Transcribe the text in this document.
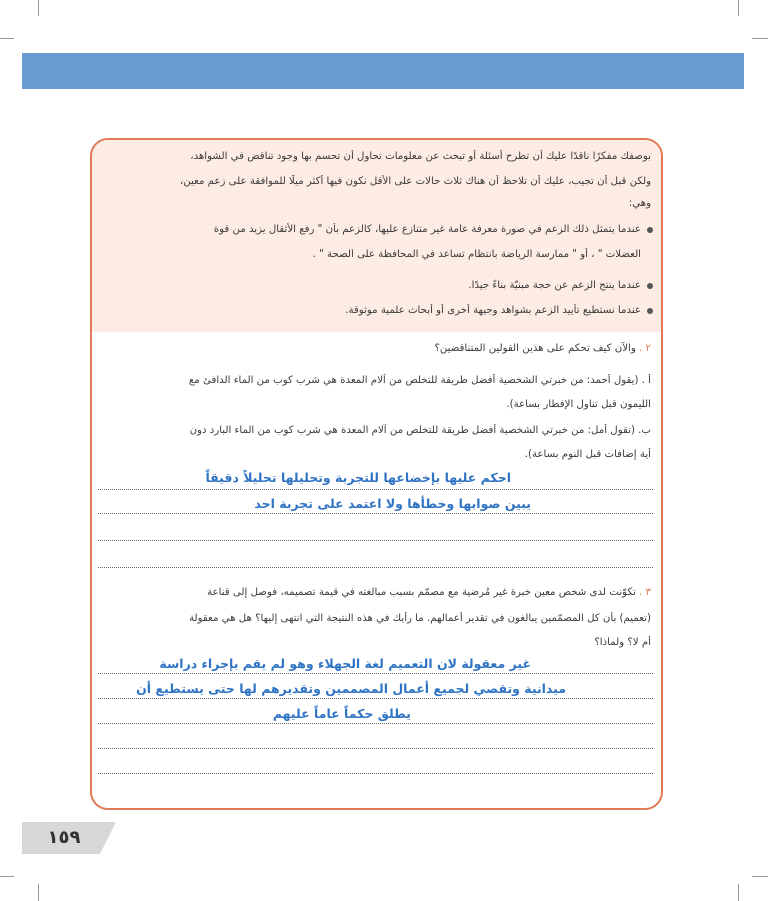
بوصفك مفكرًا ناقدًا عليك أن تطرح أسئلة أو تبحث عن معلومات تحاول أن تحسم بها وجود تناقض في الشواهد،
ولكن قبل أن تجيب، عليك أن تلاحظ أن هناك ثلاث حالات على الأقل نكون فيها أكثر ميلًا للموافقة على زعم معين،
وهي:
عندما يتمثل ذلك الزعم في صورة معرفة عامة غير متنازع عليها، كالزعم بأن " رفع الأثقال يزيد من قوة
العضلات " ، أو " ممارسة الرياضة بانتظام تساعد في المحافظة على الصحة " .
عندما ينتج الزعم عن حجة مبنيّة بناءً جيدًا.
عندما نستطيع تأييد الزعم بشواهد وجيهة أخرى أو أبحاث علمية موثوقة.
٢ . والآن كيف تحكم على هذين القولين المتناقضين؟
أ . (يقول أحمد: من خبرتي الشخصية أفضل طريقة للتخلص من آلام المعدة هي شرب كوب من الماء الدافئ مع
الليمون قبل تناول الإفطار بساعة).
ب. (تقول أمل: من خبرتي الشخصية أفضل طريقة للتخلص من آلام المعدة هي شرب كوب من الماء البارد دون
أية إضافات قبل النوم بساعة).
احكم عليها بإخضاعها للتجربة وتحليلها تحليلاً دقيقاً
يبين صوابها وخطأها ولا اعتمد على تجربة احد
٣ . تكوّنت لدى شخص معين خبرة غير مُرضية مع مصمّم بسبب مبالغته في قيمة تصميمه، فوصل إلى قناعة
(تعميم) بأن كل المصمّمين يبالغون في تقدير أعمالهم. ما رأيك في هذه النتيجة التي انتهى إليها؟ هل هي معقولة
أم لا؟ ولماذا؟
غير معقولة لان التعميم لغة الجهلاء وهو لم يقم بإجراء دراسة
ميدانية وتقصي لجميع أعمال المصممين وتقديرهم لها حتى يستطيع أن
يطلق حكماً عاماً عليهم
١٥٩
